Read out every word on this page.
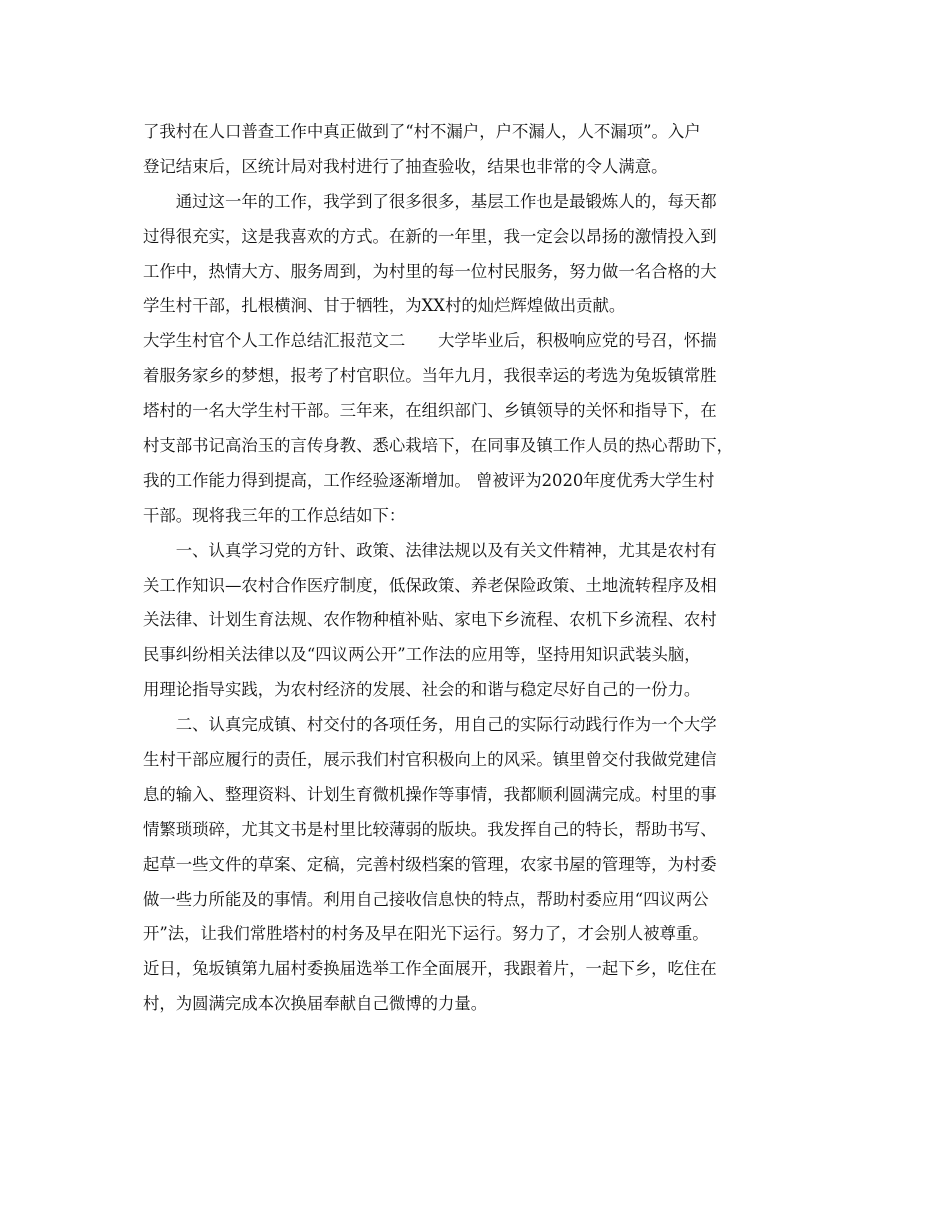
了我村在人口普查工作中真正做到了“村不漏户，户不漏人，人不漏项”。入户
登记结束后，区统计局对我村进行了抽查验收，结果也非常的令人满意。
　　通过这一年的工作，我学到了很多很多，基层工作也是最锻炼人的，每天都
过得很充实，这是我喜欢的方式。在新的一年里，我一定会以昂扬的激情投入到
工作中，热情大方、服务周到，为村里的每一位村民服务，努力做一名合格的大
学生村干部，扎根横涧、甘于牺牲，为XX村的灿烂辉煌做出贡献。
大学生村官个人工作总结汇报范文二　　大学毕业后，积极响应党的号召，怀揣
着服务家乡的梦想，报考了村官职位。当年九月，我很幸运的考选为兔坂镇常胜
塔村的一名大学生村干部。三年来，在组织部门、乡镇领导的关怀和指导下，在
村支部书记高治玉的言传身教、悉心栽培下，在同事及镇工作人员的热心帮助下，
我的工作能力得到提高，工作经验逐渐增加。 曾被评为2020年度优秀大学生村
干部。现将我三年的工作总结如下：
　　一、认真学习党的方针、政策、法律法规以及有关文件精神，尤其是农村有
关工作知识—农村合作医疗制度，低保政策、养老保险政策、土地流转程序及相
关法律、计划生育法规、农作物种植补贴、家电下乡流程、农机下乡流程、农村
民事纠纷相关法律以及“四议两公开”工作法的应用等，坚持用知识武装头脑，
用理论指导实践，为农村经济的发展、社会的和谐与稳定尽好自己的一份力。
　　二、认真完成镇、村交付的各项任务，用自己的实际行动践行作为一个大学
生村干部应履行的责任，展示我们村官积极向上的风采。镇里曾交付我做党建信
息的输入、整理资料、计划生育微机操作等事情，我都顺利圆满完成。村里的事
情繁琐琐碎，尤其文书是村里比较薄弱的版块。我发挥自己的特长，帮助书写、
起草一些文件的草案、定稿，完善村级档案的管理，农家书屋的管理等，为村委
做一些力所能及的事情。利用自己接收信息快的特点，帮助村委应用“四议两公
开”法，让我们常胜塔村的村务及早在阳光下运行。努力了，才会别人被尊重。
近日，兔坂镇第九届村委换届选举工作全面展开，我跟着片，一起下乡，吃住在
村，为圆满完成本次换届奉献自己微博的力量。
